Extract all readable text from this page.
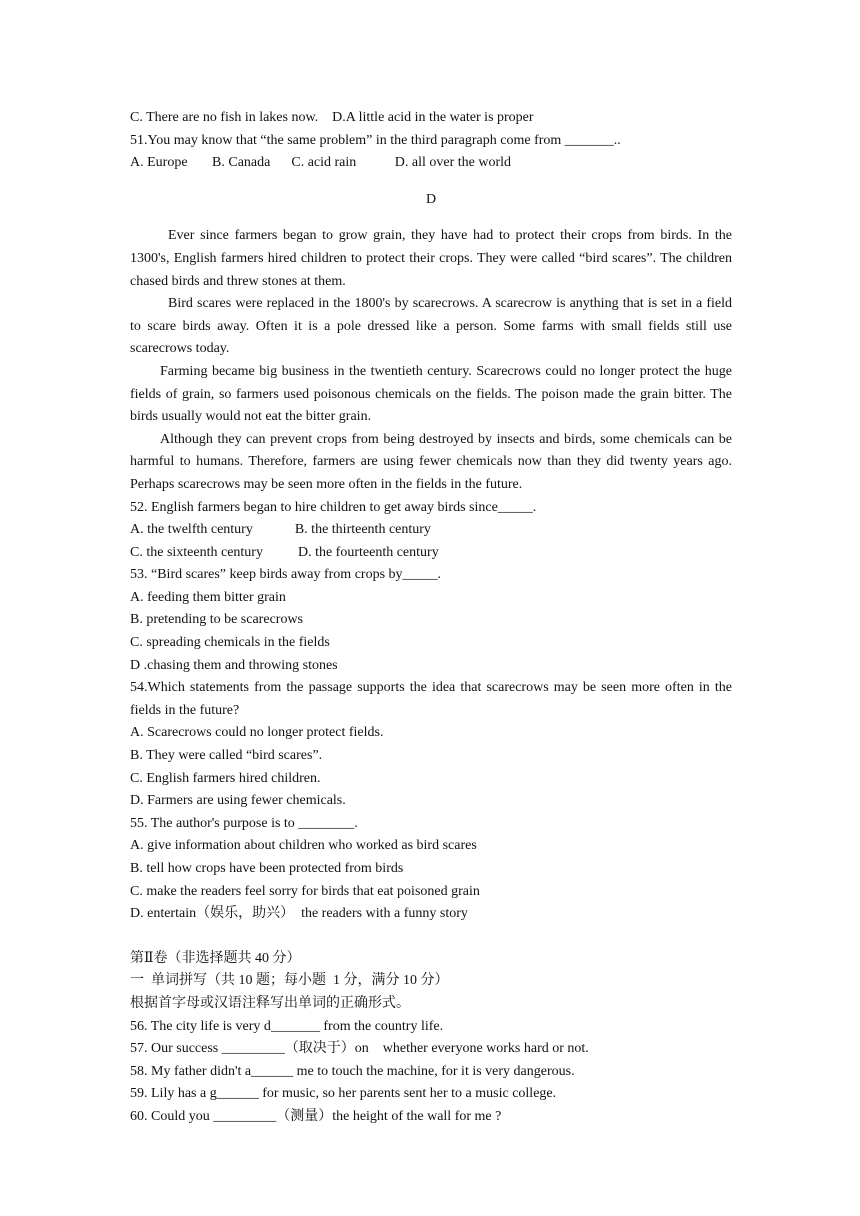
C. There are no fish in lakes now.    D.A little acid in the water is proper

51.You may know that “the same problem” in the third paragraph come from _______..

A. Europe       B. Canada      C. acid rain           D. all over the world

D

Ever since farmers began to grow grain, they have had to protect their crops from birds. In the 1300's, English farmers hired children to protect their crops. They were called “bird scares”. The children chased birds and threw stones at them.

Bird scares were replaced in the 1800's by scarecrows. A scarecrow is anything that is set in a field to scare birds away. Often it is a pole dressed like a person. Some farms with small fields still use scarecrows today.

Farming became big business in the twentieth century. Scarecrows could no longer protect the huge fields of grain, so farmers used poisonous chemicals on the fields. The poison made the grain bitter. The birds usually would not eat the bitter grain.

Although they can prevent crops from being destroyed by insects and birds, some chemicals can be harmful to humans. Therefore, farmers are using fewer chemicals now than they did twenty years ago. Perhaps scarecrows may be seen more often in the fields in the future.

52. English farmers began to hire children to get away birds since_____.

A. the twelfth century            B. the thirteenth century

C. the sixteenth century          D. the fourteenth century

53. “Bird scares” keep birds away from crops by_____.

A. feeding them bitter grain

B. pretending to be scarecrows

C. spreading chemicals in the fields

D .chasing them and throwing stones

54.Which statements from the passage supports the idea that scarecrows may be seen more often in the fields in the future?

A. Scarecrows could no longer protect fields.

B. They were called “bird scares”.

C. English farmers hired children.

D. Farmers are using fewer chemicals.

55. The author's purpose is to ________.

A. give information about children who worked as bird scares

B. tell how crops have been protected from birds

C. make the readers feel sorry for birds that eat poisoned grain

D. entertain（娱乐，助兴）  the readers with a funny story

第Ⅱ卷（非选择题共 40 分）

一  单词拼写（共 10 题；每小题  1 分，满分 10 分）

根据首字母或汉语注释写出单词的正确形式。

56. The city life is very d_______ from the country life.

57. Our success _________（取决于）on    whether everyone works hard or not.

58. My father didn't a______ me to touch the machine, for it is very dangerous.

59. Lily has a g______ for music, so her parents sent her to a music college.

60. Could you _________（测量）the height of the wall for me ?
